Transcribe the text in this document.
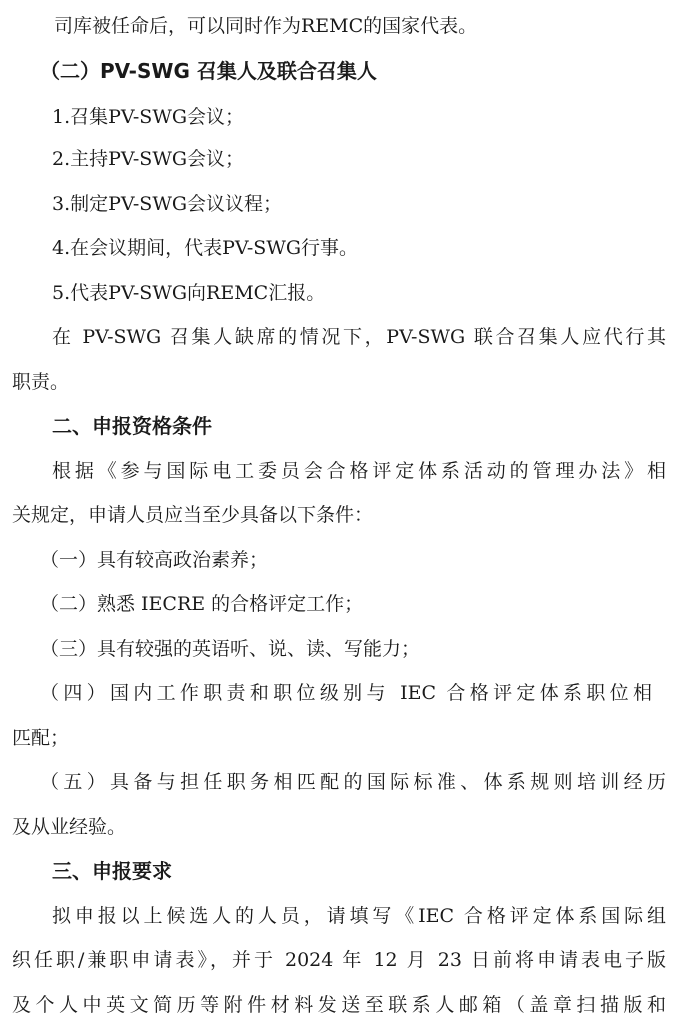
司库被任命后，可以同时作为REMC的国家代表。
（二）PV-SWG 召集人及联合召集人
1.召集PV-SWG会议；
2.主持PV-SWG会议；
3.制定PV-SWG会议议程；
4.在会议期间，代表PV-SWG行事。
5.代表PV-SWG向REMC汇报。
在 PV-SWG 召集人缺席的情况下，PV-SWG 联合召集人应代行其
职责。
二、申报资格条件
根据《参与国际电工委员会合格评定体系活动的管理办法》相
关规定，申请人员应当至少具备以下条件：
（一）具有较高政治素养；
（二）熟悉 IECRE 的合格评定工作；
（三）具有较强的英语听、说、读、写能力；
（四）国内工作职责和职位级别与 IEC 合格评定体系职位相
匹配；
（五）具备与担任职务相匹配的国际标准、体系规则培训经历
及从业经验。
三、申报要求
拟申报以上候选人的人员，请填写《IEC 合格评定体系国际组
织任职/兼职申请表》，并于 2024 年 12 月 23 日前将申请表电子版
及个人中英文简历等附件材料发送至联系人邮箱（盖章扫描版和
